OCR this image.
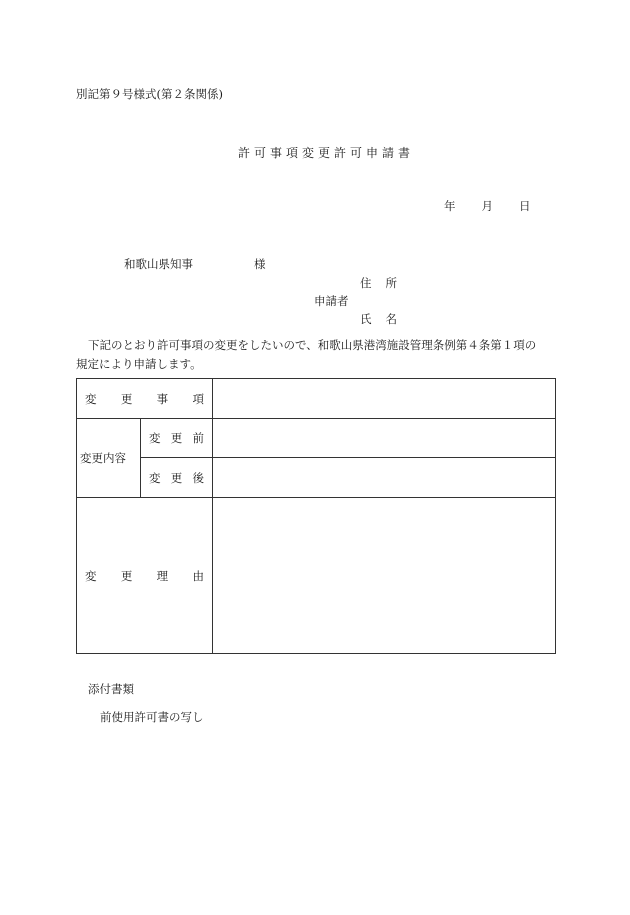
別記第９号様式(第２条関係)
許可事項変更許可申請書
年 月 日
和歌山県知事	様
住 所
申請者
氏 名
下記のとおり許可事項の変更をしたいので、和歌山県港湾施設管理条例第４条第１項の
規定により申請します。
変 更 事 項		

変更内容	変 更 前	

	変 更 後	

変 更 理 由		

添付書類
前使用許可書の写し
